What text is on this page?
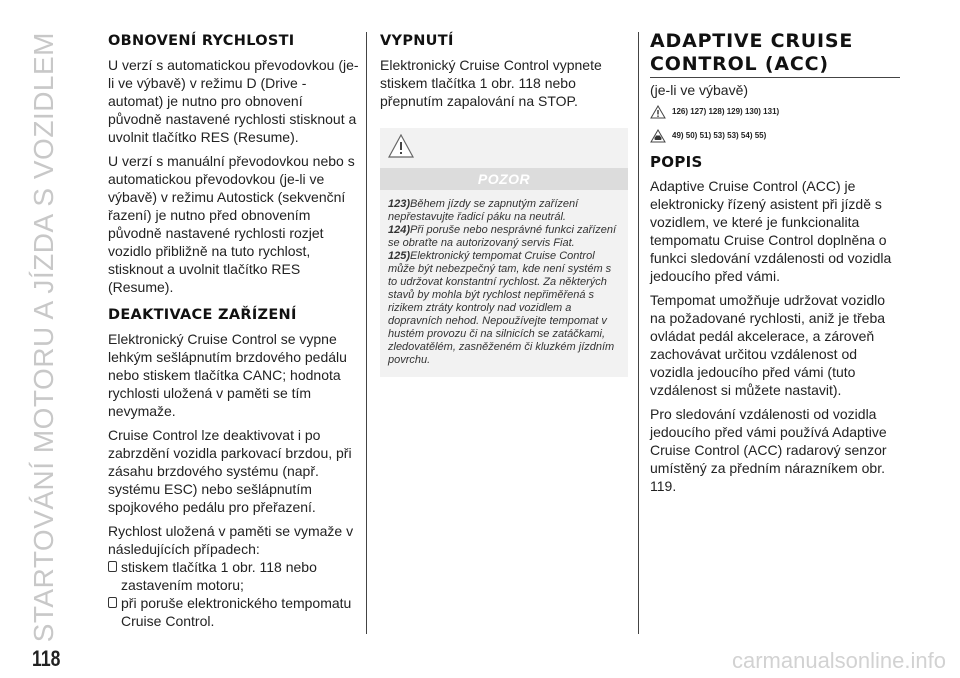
STARTOVÁNÍ MOTORU A JÍZDA S VOZIDLEM
118	carmanualsonline.info
OBNOVENÍ RYCHLOSTI

U verzí s automatickou převodovkou (je-li ve výbavě) v režimu D (Drive - automat) je nutno pro obnovení původně nastavené rychlosti stisknout a uvolnit tlačítko RES (Resume).

U verzí s manuální převodovkou nebo s automatickou převodovkou (je-li ve výbavě) v režimu Autostick (sekvenční řazení) je nutno před obnovením původně nastavené rychlosti rozjet vozidlo přibližně na tuto rychlost, stisknout a uvolnit tlačítko RES (Resume).

DEAKTIVACE ZAŘÍZENÍ

Elektronický Cruise Control se vypne lehkým sešlápnutím brzdového pedálu nebo stiskem tlačítka CANC; hodnota rychlosti uložená v paměti se tím nevymaže.

Cruise Control lze deaktivovat i po zabrzdění vozidla parkovací brzdou, při zásahu brzdového systému (např. systému ESC) nebo sešlápnutím spojkového pedálu pro přeřazení.

Rychlost uložená v paměti se vymaže v následujících případech:

stiskem tlačítka 1 obr. 118 nebo zastavením motoru;
při poruše elektronického tempomatu Cruise Control.
VYPNUTÍ

Elektronický Cruise Control vypnete stiskem tlačítka 1 obr. 118 nebo přepnutím zapalování na STOP.

POZOR

123)Během jízdy se zapnutým zařízení nepřestavujte řadicí páku na neutrál.

124)Při poruše nebo nesprávné funkci zařízení se obraťte na autorizovaný servis Fiat.

125)Elektronický tempomat Cruise Control může být nebezpečný tam, kde není systém s to udržovat konstantní rychlost. Za některých stavů by mohla být rychlost nepřiměřená s rizikem ztráty kontroly nad vozidlem a dopravních nehod. Nepoužívejte tempomat v hustém provozu či na silnicích se zatáčkami, zledovatělém, zasněženém či kluzkém jízdním povrchu.

ADAPTIVE CRUISE
CONTROL (ACC)
(je-li ve výbavě)
126) 127) 128) 129) 130) 131)
49) 50) 51) 53) 53) 54) 55)
POPIS

Adaptive Cruise Control (ACC) je elektronicky řízený asistent při jízdě s vozidlem, ve které je funkcionalita tempomatu Cruise Control doplněna o funkci sledování vzdálenosti od vozidla jedoucího před vámi.

Tempomat umožňuje udržovat vozidlo na požadované rychlosti, aniž je třeba ovládat pedál akcelerace, a zároveň zachovávat určitou vzdálenost od vozidla jedoucího před vámi (tuto vzdálenost si můžete nastavit).

Pro sledování vzdálenosti od vozidla jedoucího před vámi používá Adaptive Cruise Control (ACC) radarový senzor umístěný za předním nárazníkem obr. 119.
